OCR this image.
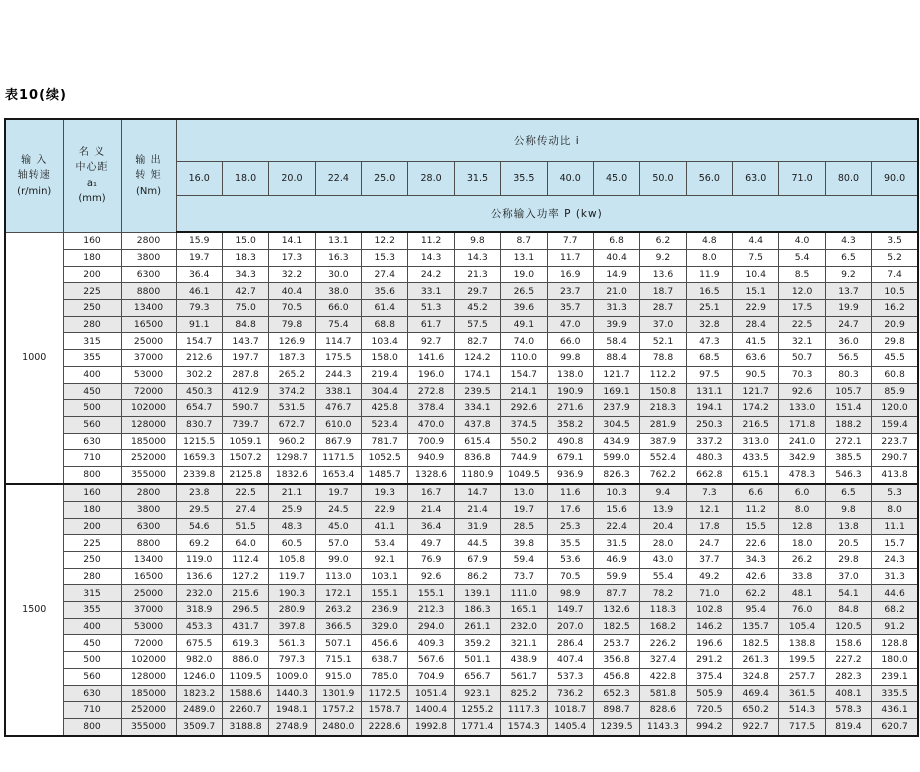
表10(续)
输 入
轴转速
(r/min)

名 义
中心距
a₁
(mm)

输 出
转 矩
(Nm)
	公称传动比 i
			16.0	18.0	20.0	22.4	25.0	28.0	31.5	35.5	40.0	45.0	50.0	56.0	63.0	71.0	80.0	90.0
			公称输入功率 P (kw)															
1000	160	2800	15.9	15.0	14.1	13.1	12.2	11.2	9.8	8.7	7.7	6.8	6.2	4.8	4.4	4.0	4.3	3.5
	180	3800	19.7	18.3	17.3	16.3	15.3	14.3	14.3	13.1	11.7	40.4	9.2	8.0	7.5	5.4	6.5	5.2
	200	6300	36.4	34.3	32.2	30.0	27.4	24.2	21.3	19.0	16.9	14.9	13.6	11.9	10.4	8.5	9.2	7.4
	225	8800	46.1	42.7	40.4	38.0	35.6	33.1	29.7	26.5	23.7	21.0	18.7	16.5	15.1	12.0	13.7	10.5
	250	13400	79.3	75.0	70.5	66.0	61.4	51.3	45.2	39.6	35.7	31.3	28.7	25.1	22.9	17.5	19.9	16.2
	280	16500	91.1	84.8	79.8	75.4	68.8	61.7	57.5	49.1	47.0	39.9	37.0	32.8	28.4	22.5	24.7	20.9
	315	25000	154.7	143.7	126.9	114.7	103.4	92.7	82.7	74.0	66.0	58.4	52.1	47.3	41.5	32.1	36.0	29.8
	355	37000	212.6	197.7	187.3	175.5	158.0	141.6	124.2	110.0	99.8	88.4	78.8	68.5	63.6	50.7	56.5	45.5
	400	53000	302.2	287.8	265.2	244.3	219.4	196.0	174.1	154.7	138.0	121.7	112.2	97.5	90.5	70.3	80.3	60.8
	450	72000	450.3	412.9	374.2	338.1	304.4	272.8	239.5	214.1	190.9	169.1	150.8	131.1	121.7	92.6	105.7	85.9
	500	102000	654.7	590.7	531.5	476.7	425.8	378.4	334.1	292.6	271.6	237.9	218.3	194.1	174.2	133.0	151.4	120.0
	560	128000	830.7	739.7	672.7	610.0	523.4	470.0	437.8	374.5	358.2	304.5	281.9	250.3	216.5	171.8	188.2	159.4
	630	185000	1215.5	1059.1	960.2	867.9	781.7	700.9	615.4	550.2	490.8	434.9	387.9	337.2	313.0	241.0	272.1	223.7
	710	252000	1659.3	1507.2	1298.7	1171.5	1052.5	940.9	836.8	744.9	679.1	599.0	552.4	480.3	433.5	342.9	385.5	290.7
	800	355000	2339.8	2125.8	1832.6	1653.4	1485.7	1328.6	1180.9	1049.5	936.9	826.3	762.2	662.8	615.1	478.3	546.3	413.8
1500	160	2800	23.8	22.5	21.1	19.7	19.3	16.7	14.7	13.0	11.6	10.3	9.4	7.3	6.6	6.0	6.5	5.3
	180	3800	29.5	27.4	25.9	24.5	22.9	21.4	21.4	19.7	17.6	15.6	13.9	12.1	11.2	8.0	9.8	8.0
	200	6300	54.6	51.5	48.3	45.0	41.1	36.4	31.9	28.5	25.3	22.4	20.4	17.8	15.5	12.8	13.8	11.1
	225	8800	69.2	64.0	60.5	57.0	53.4	49.7	44.5	39.8	35.5	31.5	28.0	24.7	22.6	18.0	20.5	15.7
	250	13400	119.0	112.4	105.8	99.0	92.1	76.9	67.9	59.4	53.6	46.9	43.0	37.7	34.3	26.2	29.8	24.3
	280	16500	136.6	127.2	119.7	113.0	103.1	92.6	86.2	73.7	70.5	59.9	55.4	49.2	42.6	33.8	37.0	31.3
	315	25000	232.0	215.6	190.3	172.1	155.1	155.1	139.1	111.0	98.9	87.7	78.2	71.0	62.2	48.1	54.1	44.6
	355	37000	318.9	296.5	280.9	263.2	236.9	212.3	186.3	165.1	149.7	132.6	118.3	102.8	95.4	76.0	84.8	68.2
	400	53000	453.3	431.7	397.8	366.5	329.0	294.0	261.1	232.0	207.0	182.5	168.2	146.2	135.7	105.4	120.5	91.2
	450	72000	675.5	619.3	561.3	507.1	456.6	409.3	359.2	321.1	286.4	253.7	226.2	196.6	182.5	138.8	158.6	128.8
	500	102000	982.0	886.0	797.3	715.1	638.7	567.6	501.1	438.9	407.4	356.8	327.4	291.2	261.3	199.5	227.2	180.0
	560	128000	1246.0	1109.5	1009.0	915.0	785.0	704.9	656.7	561.7	537.3	456.8	422.8	375.4	324.8	257.7	282.3	239.1
	630	185000	1823.2	1588.6	1440.3	1301.9	1172.5	1051.4	923.1	825.2	736.2	652.3	581.8	505.9	469.4	361.5	408.1	335.5
	710	252000	2489.0	2260.7	1948.1	1757.2	1578.7	1400.4	1255.2	1117.3	1018.7	898.7	828.6	720.5	650.2	514.3	578.3	436.1
	800	355000	3509.7	3188.8	2748.9	2480.0	2228.6	1992.8	1771.4	1574.3	1405.4	1239.5	1143.3	994.2	922.7	717.5	819.4	620.7
